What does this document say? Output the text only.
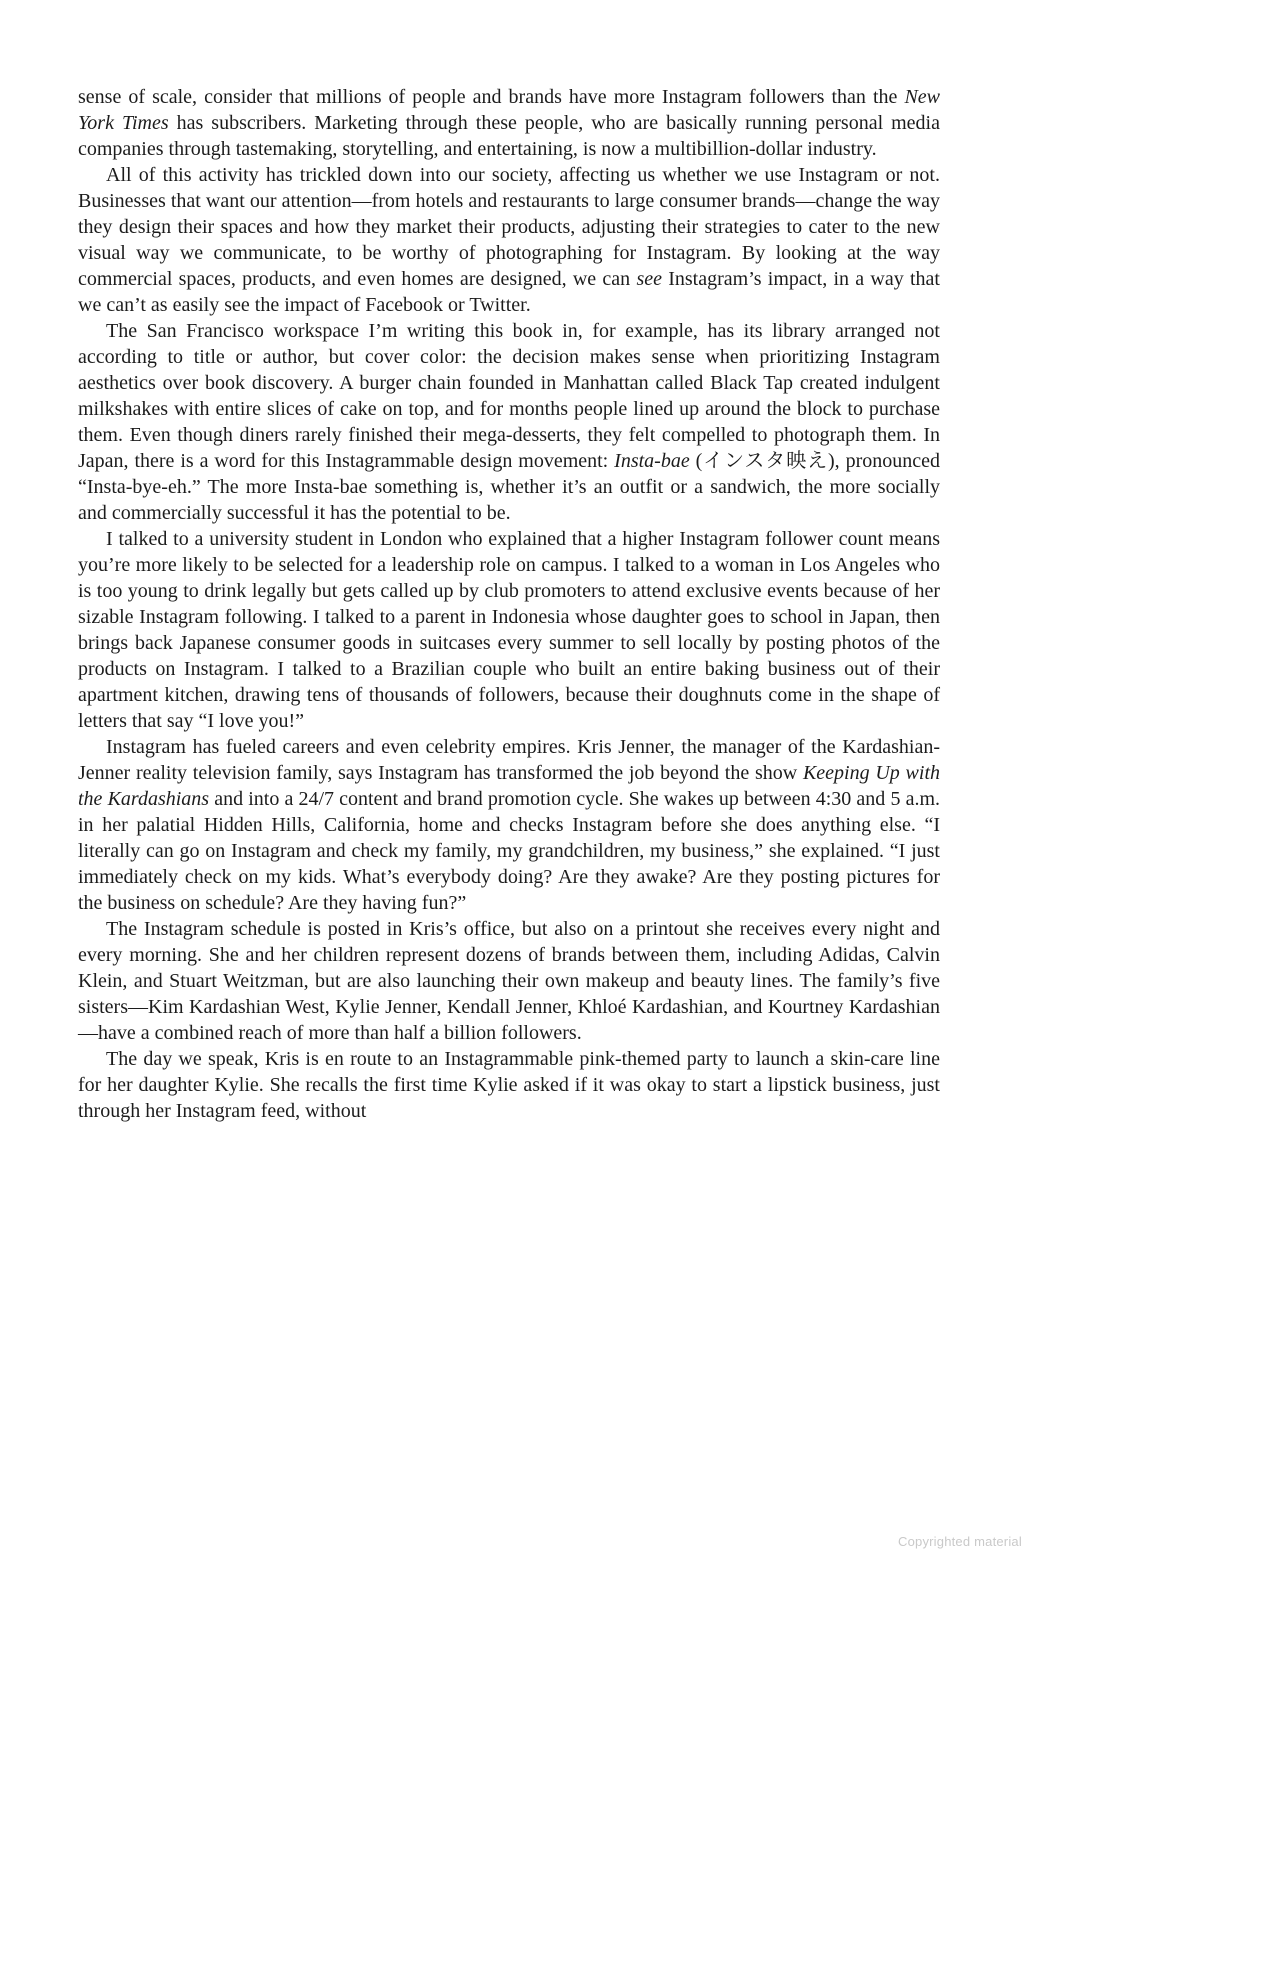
sense of scale, consider that millions of people and brands have more Instagram followers than the New York Times has subscribers. Marketing through these people, who are basically running personal media companies through tastemaking, storytelling, and entertaining, is now a multibillion-dollar industry.

All of this activity has trickled down into our society, affecting us whether we use Instagram or not. Businesses that want our attention—from hotels and restaurants to large consumer brands—change the way they design their spaces and how they market their products, adjusting their strategies to cater to the new visual way we communicate, to be worthy of photographing for Instagram. By looking at the way commercial spaces, products, and even homes are designed, we can see Instagram’s impact, in a way that we can’t as easily see the impact of Facebook or Twitter.

The San Francisco workspace I’m writing this book in, for example, has its library arranged not according to title or author, but cover color: the decision makes sense when prioritizing Instagram aesthetics over book discovery. A burger chain founded in Manhattan called Black Tap created indulgent milkshakes with entire slices of cake on top, and for months people lined up around the block to purchase them. Even though diners rarely finished their mega-desserts, they felt compelled to photograph them. In Japan, there is a word for this Instagrammable design movement: Insta-bae (インスタ映え), pronounced “Insta-bye-eh.” The more Insta-bae something is, whether it’s an outfit or a sandwich, the more socially and commercially successful it has the potential to be.

I talked to a university student in London who explained that a higher Instagram follower count means you’re more likely to be selected for a leadership role on campus. I talked to a woman in Los Angeles who is too young to drink legally but gets called up by club promoters to attend exclusive events because of her sizable Instagram following. I talked to a parent in Indonesia whose daughter goes to school in Japan, then brings back Japanese consumer goods in suitcases every summer to sell locally by posting photos of the products on Instagram. I talked to a Brazilian couple who built an entire baking business out of their apartment kitchen, drawing tens of thousands of followers, because their doughnuts come in the shape of letters that say “I love you!”

Instagram has fueled careers and even celebrity empires. Kris Jenner, the manager of the Kardashian-Jenner reality television family, says Instagram has transformed the job beyond the show Keeping Up with the Kardashians and into a 24/7 content and brand promotion cycle. She wakes up between 4:30 and 5 a.m. in her palatial Hidden Hills, California, home and checks Instagram before she does anything else. “I literally can go on Instagram and check my family, my grandchildren, my business,” she explained. “I just immediately check on my kids. What’s everybody doing? Are they awake? Are they posting pictures for the business on schedule? Are they having fun?”

The Instagram schedule is posted in Kris’s office, but also on a printout she receives every night and every morning. She and her children represent dozens of brands between them, including Adidas, Calvin Klein, and Stuart Weitzman, but are also launching their own makeup and beauty lines. The family’s five sisters—Kim Kardashian West, Kylie Jenner, Kendall Jenner, Khloé Kardashian, and Kourtney Kardashian—have a combined reach of more than half a billion followers.

The day we speak, Kris is en route to an Instagrammable pink-themed party to launch a skin-care line for her daughter Kylie. She recalls the first time Kylie asked if it was okay to start a lipstick business, just through her Instagram feed, without

Copyrighted material
